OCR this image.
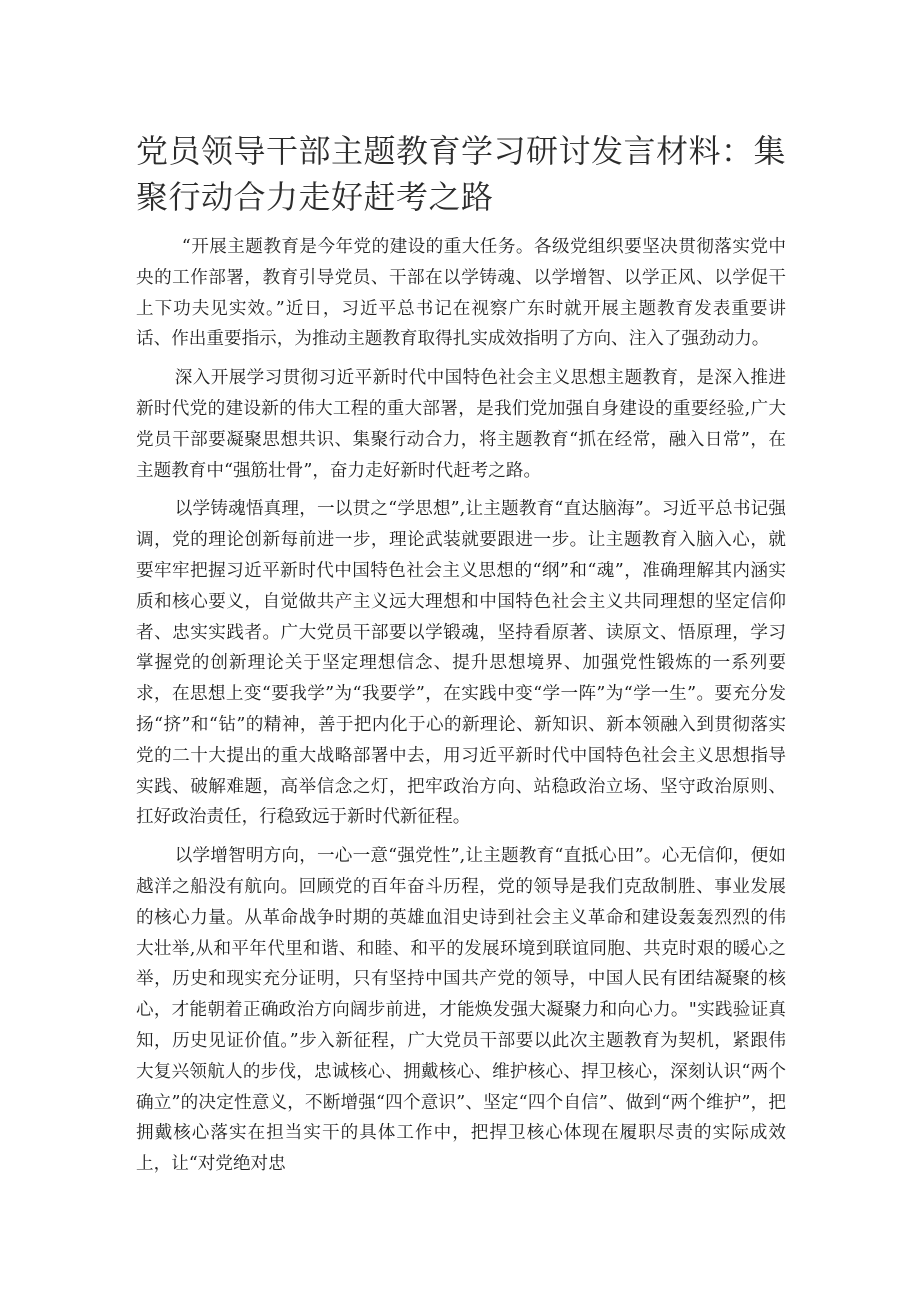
党员领导干部主题教育学习研讨发言材料：集聚行动合力走好赶考之路

“开展主题教育是今年党的建设的重大任务。各级党组织要坚决贯彻落实党中央的工作部署，教育引导党员、干部在以学铸魂、以学增智、以学正风、以学促干上下功夫见实效。”近日，习近平总书记在视察广东时就开展主题教育发表重要讲话、作出重要指示，为推动主题教育取得扎实成效指明了方向、注入了强劲动力。

深入开展学习贯彻习近平新时代中国特色社会主义思想主题教育，是深入推进新时代党的建设新的伟大工程的重大部署，是我们党加强自身建设的重要经验,广大党员干部要凝聚思想共识、集聚行动合力，将主题教育“抓在经常，融入日常”，在主题教育中“强筋壮骨”，奋力走好新时代赶考之路。

以学铸魂悟真理，一以贯之“学思想”,让主题教育“直达脑海”。习近平总书记强调，党的理论创新每前进一步，理论武装就要跟进一步。让主题教育入脑入心，就要牢牢把握习近平新时代中国特色社会主义思想的“纲”和“魂”，准确理解其内涵实质和核心要义，自觉做共产主义远大理想和中国特色社会主义共同理想的坚定信仰者、忠实实践者。广大党员干部要以学锻魂，坚持看原著、读原文、悟原理，学习掌握党的创新理论关于坚定理想信念、提升思想境界、加强党性锻炼的一系列要求，在思想上变“要我学”为“我要学”，在实践中变“学一阵”为“学一生”。要充分发扬“挤”和“钻”的精神，善于把内化于心的新理论、新知识、新本领融入到贯彻落实党的二十大提出的重大战略部署中去，用习近平新时代中国特色社会主义思想指导实践、破解难题，高举信念之灯，把牢政治方向、站稳政治立场、坚守政治原则、扛好政治责任，行稳致远于新时代新征程。

以学增智明方向，一心一意“强党性”,让主题教育“直抵心田”。心无信仰，便如越洋之船没有航向。回顾党的百年奋斗历程，党的领导是我们克敌制胜、事业发展的核心力量。从革命战争时期的英雄血泪史诗到社会主义革命和建设轰轰烈烈的伟大壮举,从和平年代里和谐、和睦、和平的发展环境到联谊同胞、共克时艰的暖心之举，历史和现实充分证明，只有坚持中国共产党的领导，中国人民有团结凝聚的核心，才能朝着正确政治方向阔步前进，才能焕发强大凝聚力和向心力。"实践验证真知，历史见证价值。”步入新征程，广大党员干部要以此次主题教育为契机，紧跟伟大复兴领航人的步伐，忠诚核心、拥戴核心、维护核心、捍卫核心，深刻认识“两个确立”的决定性意义，不断增强“四个意识”、坚定“四个自信”、做到“两个维护”，把拥戴核心落实在担当实干的具体工作中，把捍卫核心体现在履职尽责的实际成效上，让“对党绝对忠
